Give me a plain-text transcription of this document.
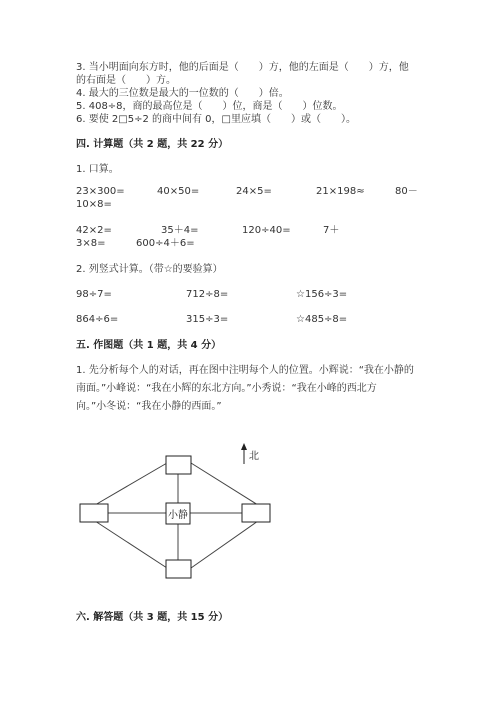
3. 当小明面向东方时，他的后面是（　　）方，他的左面是（　　）方，他
的右面是（　　）方。
4. 最大的三位数是最大的一位数的（　　）倍。
5. 408÷8，商的最高位是（　　）位，商是（　　）位数。
6. 要使 2□5÷2 的商中间有 0，□里应填（　　）或（　　）。
四. 计算题（共 2 题，共 22 分）
1. 口算。
23×300=	40×50=	24×5=	21×198≈	80－
10×8=
42×2=	35＋4=	120÷40=	7＋
3×8=	600÷4＋6=
2. 列竖式计算。（带☆的要验算）
98÷7=	712÷8=	☆156÷3=
864÷6=	315÷3=	☆485÷8=
五. 作图题（共 1 题，共 4 分）
1. 先分析每个人的对话，再在图中注明每个人的位置。小辉说：“我在小静的
南面。”小峰说：“我在小辉的东北方向。”小秀说：“我在小峰的西北方
向。”小冬说：“我在小静的西面。”
小静
北
六. 解答题（共 3 题，共 15 分）
